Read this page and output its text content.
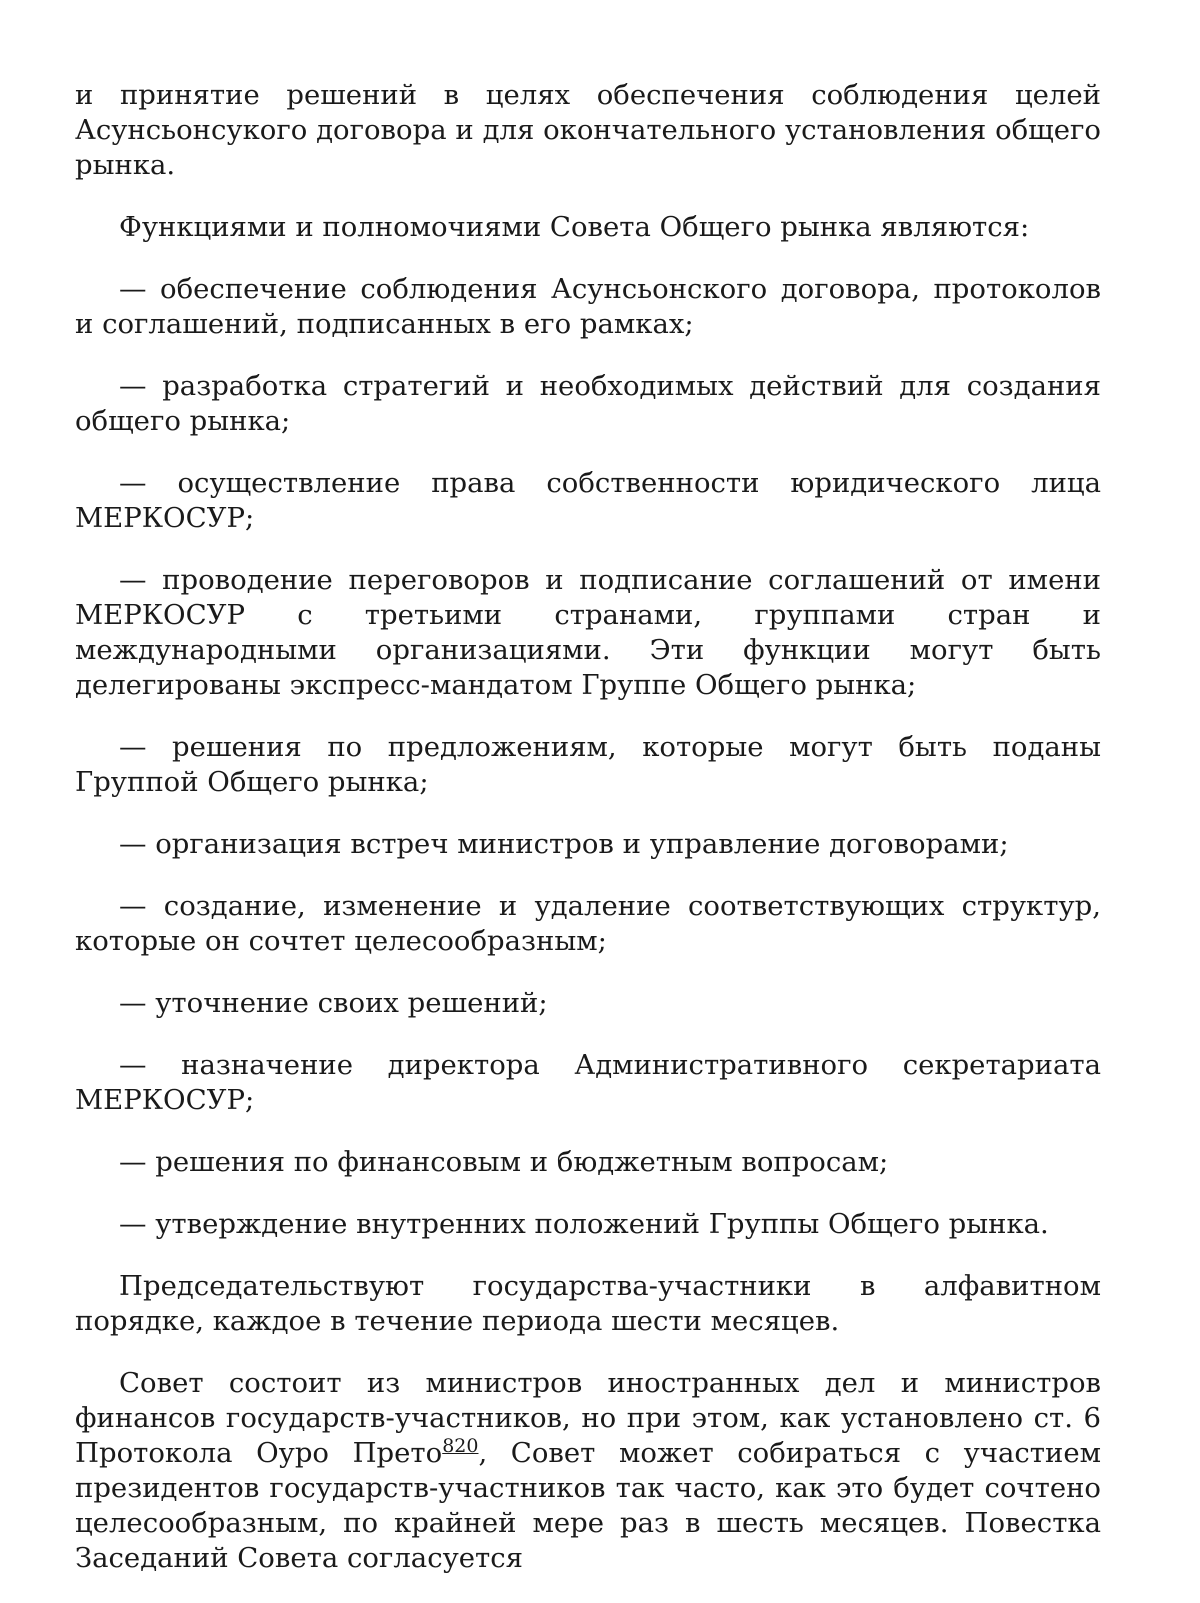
и принятие решений в целях обеспечения соблюдения целей Асунсьонсукого договора и для окончательного установления общего рынка.

Функциями и полномочиями Совета Общего рынка являются:

— обеспечение соблюдения Асунсьонского договора, протоколов и соглашений, подписанных в его рамках;

— разработка стратегий и необходимых действий для создания общего рынка;

— осуществление права собственности юридического лица МЕРКОСУР;

— проводение переговоров и подписание соглашений от имени МЕРКОСУР с третьими странами, группами стран и международными организациями. Эти функции могут быть делегированы экспресс-мандатом Группе Общего рынка;

— решения по предложениям, которые могут быть поданы Группой Общего рынка;

— организация встреч министров и управление договорами;

— создание, изменение и удаление соответствующих структур, которые он сочтет целесообразным;

— уточнение своих решений;

— назначение директора Административного секретариата МЕРКОСУР;

— решения по финансовым и бюджетным вопросам;

— утверждение внутренних положений Группы Общего рынка.

Председательствуют государства-участники в алфавитном порядке, каждое в течение периода шести месяцев.

Совет состоит из министров иностранных дел и министров финансов государств-участников, но при этом, как установлено ст. 6 Протокола Оуро Прето$^{820}$, Совет может собираться с участием президентов государств-участников так часто, как это будет сочтено целесообразным, по крайней мере раз в шесть месяцев. Повестка Заседаний Совета согласуется
